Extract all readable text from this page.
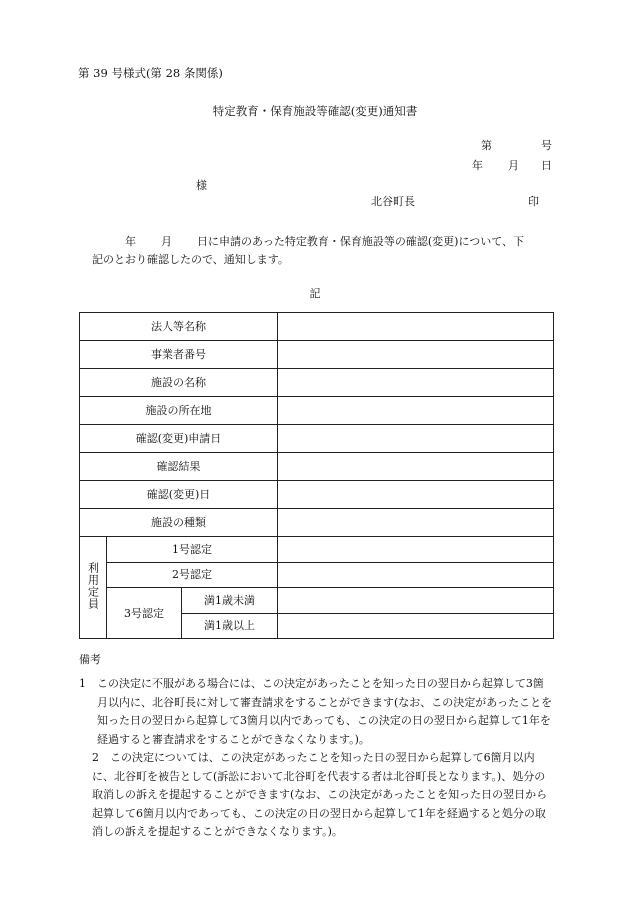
第 39 号様式(第 28 条関係)
特定教育・保育施設等確認(変更)通知書
第	号
年 月 日
様
北谷町長	印
年 月 日に申請のあった特定教育・保育施設等の確認(変更)について、下
記のとおり確認したので、通知します。
記
法人等名称			
事業者番号			
施設の名称			
施設の所在地			
確認(変更)申請日			
確認結果			
確認(変更)日			
施設の種類			
利用定員	1号認定		
	2号認定		
	3号認定	満1歳未満	
		満1歳以上	
備考
1 この決定に不服がある場合には、この決定があったことを知った日の翌日から起算して3箇月以内に、北谷町長に対して審査請求をすることができます(なお、この決定があったことを知った日の翌日から起算して3箇月以内であっても、この決定の日の翌日から起算して1年を経過すると審査請求をすることができなくなります。)。
2 この決定については、この決定があったことを知った日の翌日から起算して6箇月以内に、北谷町を被告として(訴訟において北谷町を代表する者は北谷町長となります。)、処分の取消しの訴えを提起することができます(なお、この決定があったことを知った日の翌日から起算して6箇月以内であっても、この決定の日の翌日から起算して1年を経過すると処分の取消しの訴えを提起することができなくなります。)。
